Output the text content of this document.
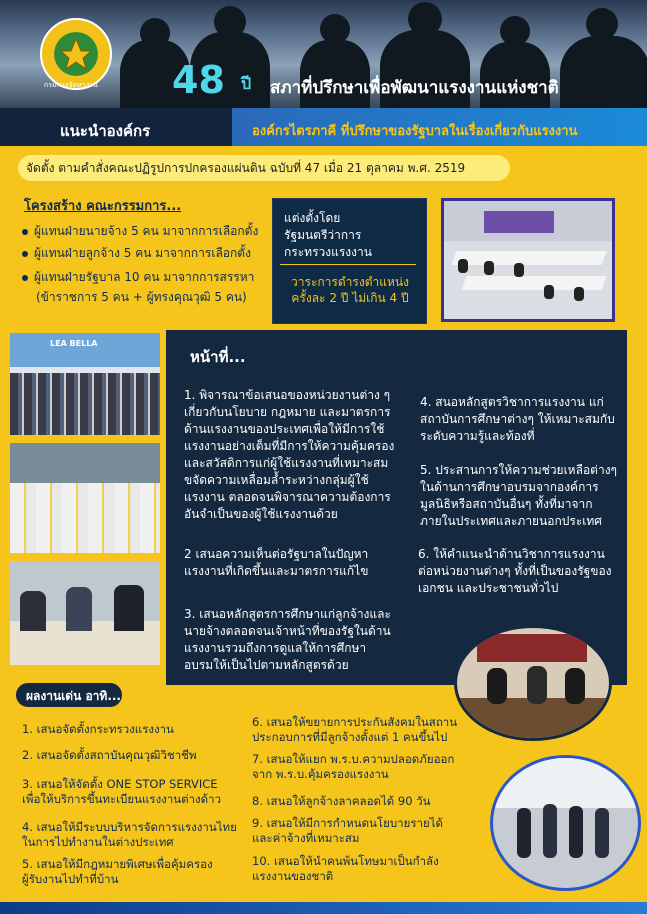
กรมการจัดหางาน 48 ปี สภาที่ปรึกษาเพื่อพัฒนาแรงงานแห่งชาติ
แนะนำองค์กร	องค์กรไตรภาคี ที่ปรึกษาของรัฐบาลในเรื่องเกี่ยวกับแรงงาน
จัดตั้ง ตามคำสั่งคณะปฏิรูปการปกครองแผ่นดิน ฉบับที่ 47 เมื่อ 21 ตุลาคม พ.ศ. 2519
โครงสร้าง คณะกรรมการ...
ผู้แทนฝ่ายนายจ้าง 5 คน มาจากการเลือกตั้ง
ผู้แทนฝ่ายลูกจ้าง 5 คน มาจากการเลือกตั้ง
ผู้แทนฝ่ายรัฐบาล 10 คน มาจากการสรรหา
(ข้าราชการ 5 คน + ผู้ทรงคุณวุฒิ 5 คน)
แต่งตั้งโดย
รัฐมนตรีว่าการ
กระทรวงแรงงาน
วาระการดำรงตำแหน่ง
ครั้งละ 2 ปี ไม่เกิน 4 ปี
LEA BELLA
หน้าที่...
1. พิจารณาข้อเสนอของหน่วยงานต่าง ๆ เกี่ยวกับนโยบาย กฎหมาย และมาตรการด้านแรงงานของประเทศเพื่อให้มีการใช้แรงงานอย่างเต็มที่มีการให้ความคุ้มครองและสวัสดิการแก่ผู้ใช้แรงงานที่เหมาะสมขจัดความเหลื่อมล้ำระหว่างกลุ่มผู้ใช้แรงงาน ตลอดจนพิจารณาความต้องการ อันจำเป็นของผู้ใช้แรงงานด้วย
2 เสนอความเห็นต่อรัฐบาลในปัญหาแรงงานที่เกิดขึ้นและมาตรการแก้ไข
3. เสนอหลักสูตรการศึกษาแก่ลูกจ้างและนายจ้างตลอดจนเจ้าหน้าที่ของรัฐในด้านแรงงานรวมถึงการดูแลให้การศึกษาอบรมให้เป็นไปตามหลักสูตรด้วย
4. สนอหลักสูตรวิชาการแรงงาน แก่สถาบันการศึกษาต่างๆ ให้เหมาะสมกับระดับความรู้และท้องที่
5. ประสานการให้ความช่วยเหลือต่างๆในด้านการศึกษาอบรมจากองค์การมูลนิธิหรือสถาบันอื่นๆ ทั้งที่มาจากภายในประเทศและภายนอกประเทศ
6. ให้คำแนะนำด้านวิชาการแรงงานต่อหน่วยงานต่างๆ ทั้งที่เป็นของรัฐของเอกชน และประชาชนทั่วไป
ผลงานเด่น อาทิ...
1. เสนอจัดตั้งกระทรวงแรงงาน
2. เสนอจัดตั้งสถาบันคุณวุฒิวิชาชีพ
3. เสนอให้จัดตั้ง ONE STOP SERVICE
เพื่อให้บริการขึ้นทะเบียนแรงงานต่างด้าว
4. เสนอให้มีระบบบริหารจัดการแรงงานไทยในการไปทำงานในต่างประเทศ
5. เสนอให้มีกฎหมายพิเศษเพื่อคุ้มครองผู้รับงานไปทำที่บ้าน
6. เสนอให้ขยายการประกันสังคมในสถานประกอบการที่มีลูกจ้างตั้งแต่ 1 คนขึ้นไป
7. เสนอให้แยก พ.ร.บ.ความปลอดภัยออกจาก พ.ร.บ.คุ้มครองแรงงาน
8. เสนอให้ลูกจ้างลาคลอดได้ 90 วัน
9. เสนอให้มีการกำหนดนโยบายรายได้และค่าจ้างที่เหมาะสม
10. เสนอให้นำคนพ้นโทษมาเป็นกำลังแรงงานของชาติ
